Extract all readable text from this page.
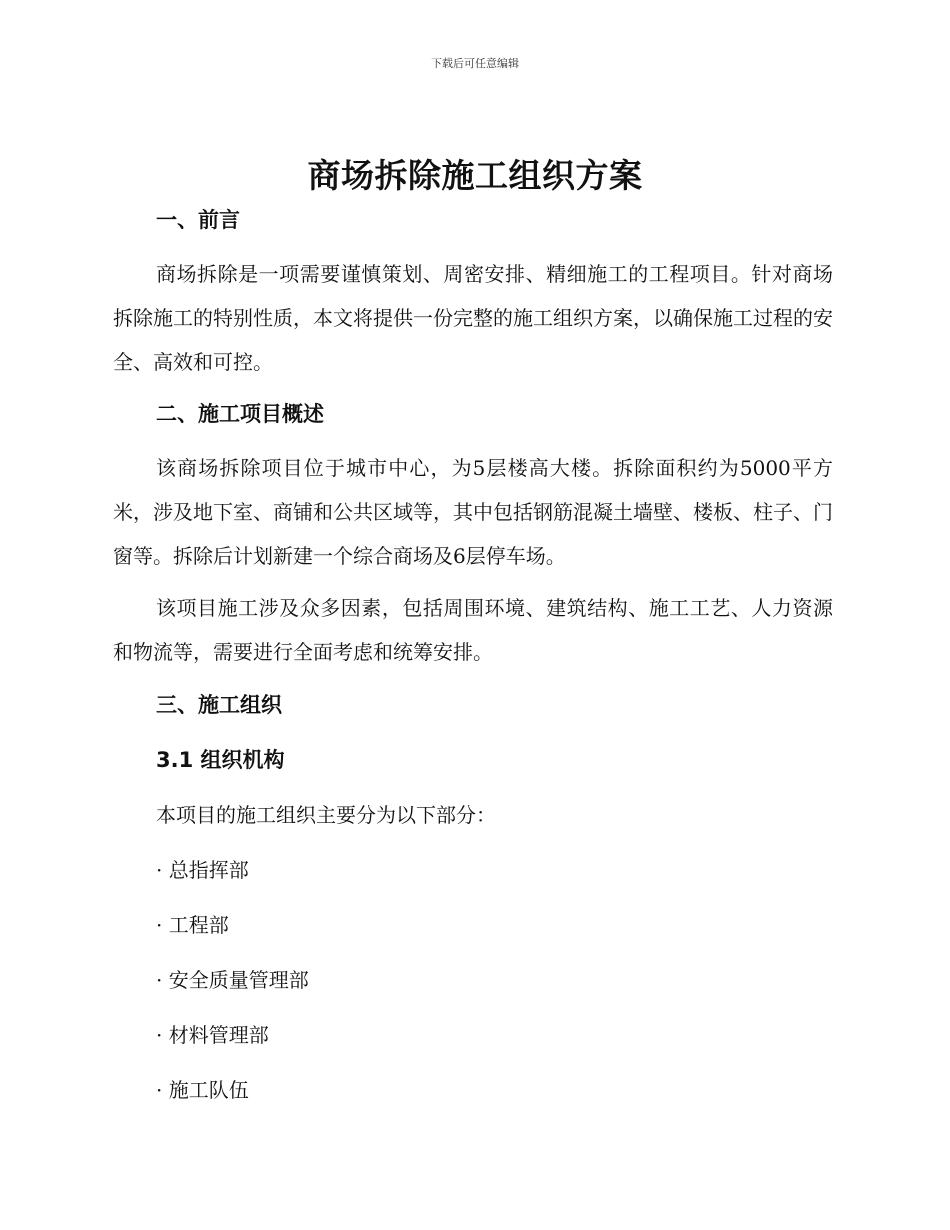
下载后可任意编辑
商场拆除施工组织方案

一、前言

商场拆除是一项需要谨慎策划、周密安排、精细施工的工程项目。针对商场拆除施工的特别性质，本文将提供一份完整的施工组织方案，以确保施工过程的安全、高效和可控。

二、施工项目概述

该商场拆除项目位于城市中心，为5层楼高大楼。拆除面积约为5000平方米，涉及地下室、商铺和公共区域等，其中包括钢筋混凝土墙壁、楼板、柱子、门窗等。拆除后计划新建一个综合商场及6层停车场。

该项目施工涉及众多因素，包括周围环境、建筑结构、施工工艺、人力资源和物流等，需要进行全面考虑和统筹安排。

三、施工组织

3.1 组织机构

本项目的施工组织主要分为以下部分：

· 总指挥部

· 工程部

· 安全质量管理部

· 材料管理部

· 施工队伍
